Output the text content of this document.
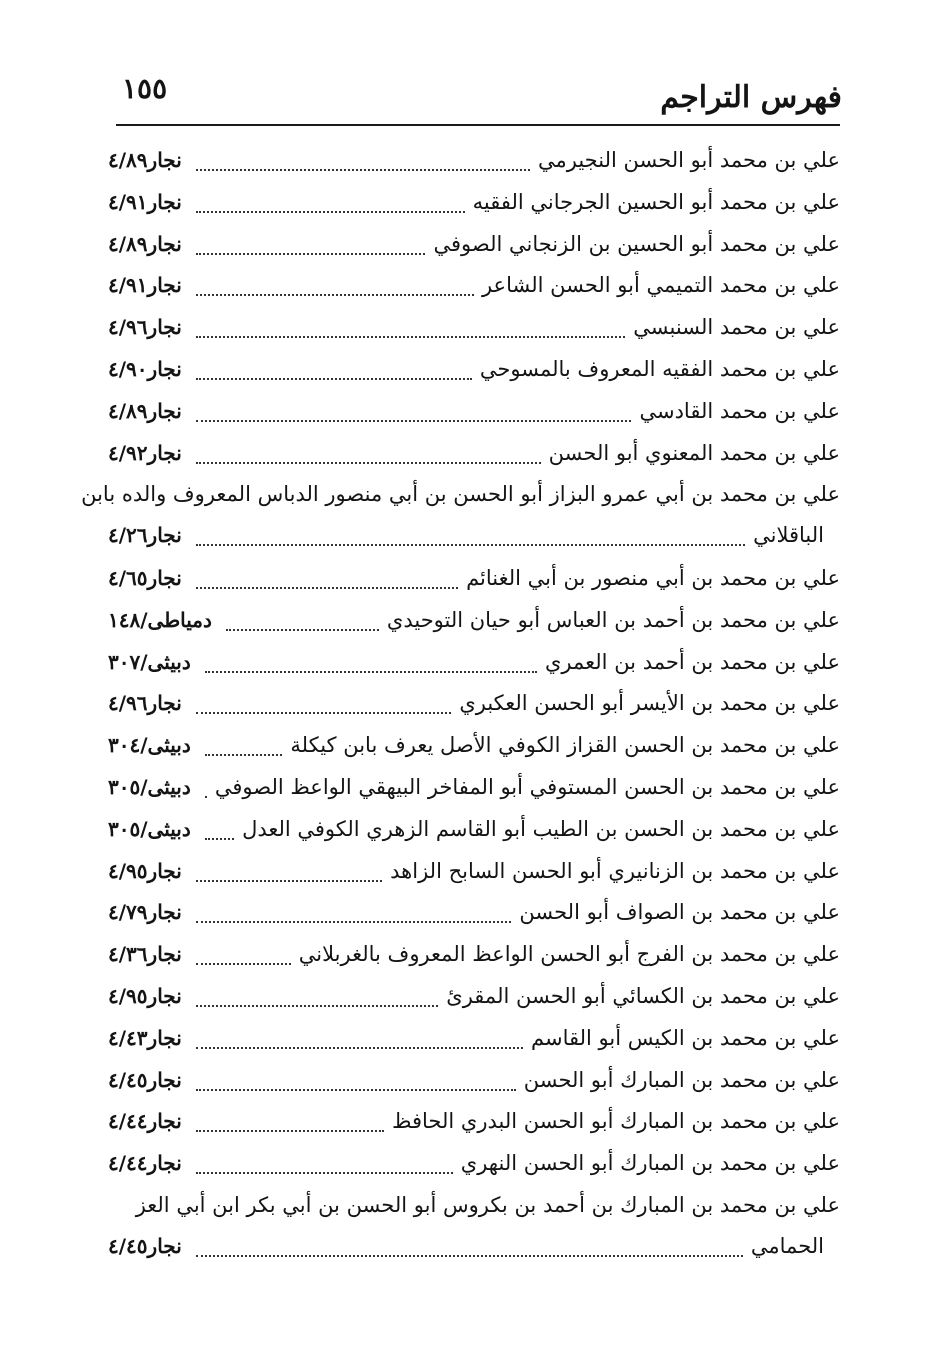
فهرس التراجم
١٥٥
علي بن محمد أبو الحسن النجيرمي
نجار٤/٨٩
علي بن محمد أبو الحسين الجرجاني الفقيه
نجار٤/٩١
علي بن محمد أبو الحسين بن الزنجاني الصوفي
نجار٤/٨٩
علي بن محمد التميمي أبو الحسن الشاعر
نجار٤/٩١
علي بن محمد السنبسي
نجار٤/٩٦
علي بن محمد الفقيه المعروف بالمسوحي
نجار٤/٩٠
علي بن محمد القادسي
نجار٤/٨٩
علي بن محمد المعنوي أبو الحسن
نجار٤/٩٢
علي بن محمد بن أبي عمرو البزاز أبو الحسن بن أبي منصور الدباس المعروف والده بابن
الباقلاني
نجار٤/٢٦
علي بن محمد بن أبي منصور بن أبي الغنائم
نجار٤/٦٥
علي بن محمد بن أحمد بن العباس أبو حيان التوحيدي
دمياطى/١٤٨
علي بن محمد بن أحمد بن العمري
دبيثى/٣٠٧
علي بن محمد بن الأيسر أبو الحسن العكبري
نجار٤/٩٦
علي بن محمد بن الحسن القزاز الكوفي الأصل يعرف بابن كيكلة
دبيثى/٣٠٤
علي بن محمد بن الحسن المستوفي أبو المفاخر البيهقي الواعظ الصوفي
دبيثى/٣٠٥
علي بن محمد بن الحسن بن الطيب أبو القاسم الزهري الكوفي العدل
دبيثى/٣٠٥
علي بن محمد بن الزنانيري أبو الحسن السابح الزاهد
نجار٤/٩٥
علي بن محمد بن الصواف أبو الحسن
نجار٤/٧٩
علي بن محمد بن الفرج أبو الحسن الواعظ المعروف بالغربلاني
نجار٤/٣٦
علي بن محمد بن الكسائي أبو الحسن المقرئ
نجار٤/٩٥
علي بن محمد بن الكيس أبو القاسم
نجار٤/٤٣
علي بن محمد بن المبارك أبو الحسن
نجار٤/٤٥
علي بن محمد بن المبارك أبو الحسن البدري الحافظ
نجار٤/٤٤
علي بن محمد بن المبارك أبو الحسن النهري
نجار٤/٤٤
علي بن محمد بن المبارك بن أحمد بن بكروس أبو الحسن بن أبي بكر ابن أبي العز
الحمامي
نجار٤/٤٥
